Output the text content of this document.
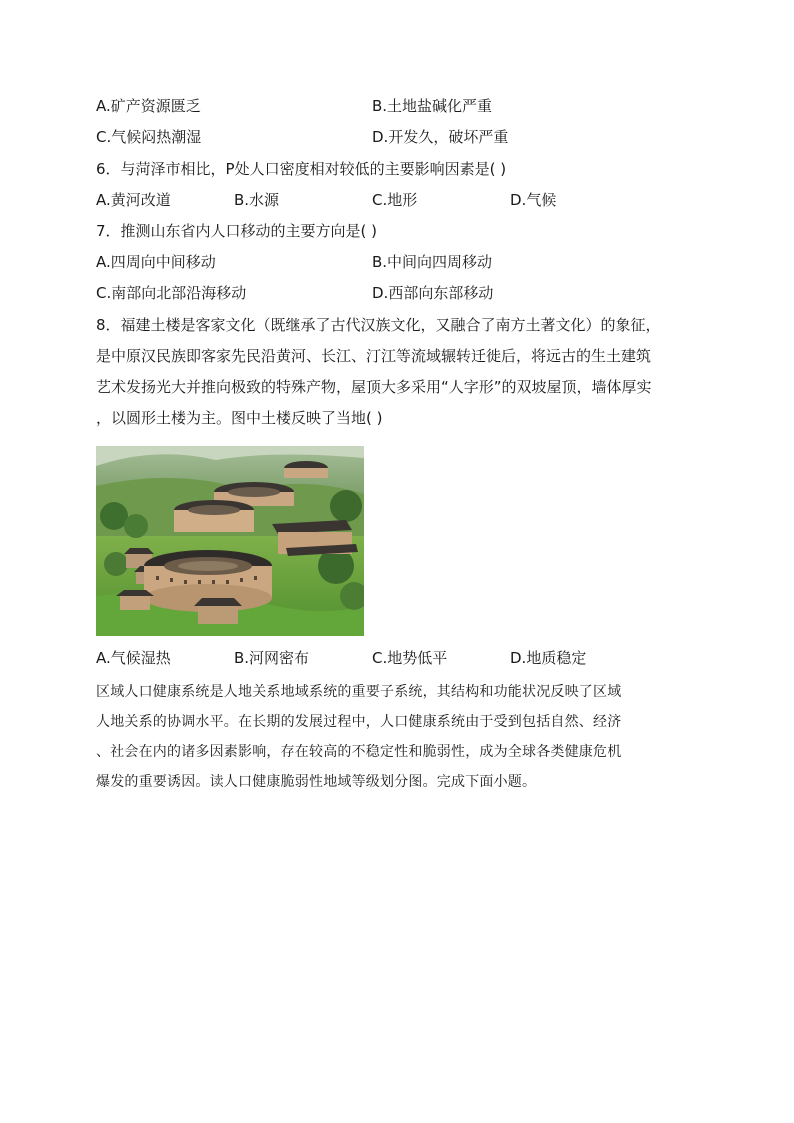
A.矿产资源匮乏	B.土地盐碱化严重
C.气候闷热潮湿	D.开发久，破坏严重
6．与菏泽市相比，P处人口密度相对较低的主要影响因素是( )
A.黄河改道	B.水源	C.地形	D.气候
7．推测山东省内人口移动的主要方向是( )
A.四周向中间移动	B.中间向四周移动
C.南部向北部沿海移动	D.西部向东部移动
8．福建土楼是客家文化（既继承了古代汉族文化，又融合了南方土著文化）的象征，
是中原汉民族即客家先民沿黄河、长江、汀江等流域辗转迁徙后，将远古的生土建筑
艺术发扬光大并推向极致的特殊产物，屋顶大多采用“人字形”的双坡屋顶，墙体厚实
，以圆形土楼为主。图中土楼反映了当地( )
A.气候湿热	B.河网密布	C.地势低平	D.地质稳定
区域人口健康系统是人地关系地域系统的重要子系统，其结构和功能状况反映了区域
人地关系的协调水平。在长期的发展过程中，人口健康系统由于受到包括自然、经济
、社会在内的诸多因素影响，存在较高的不稳定性和脆弱性，成为全球各类健康危机
爆发的重要诱因。读人口健康脆弱性地域等级划分图。完成下面小题。
